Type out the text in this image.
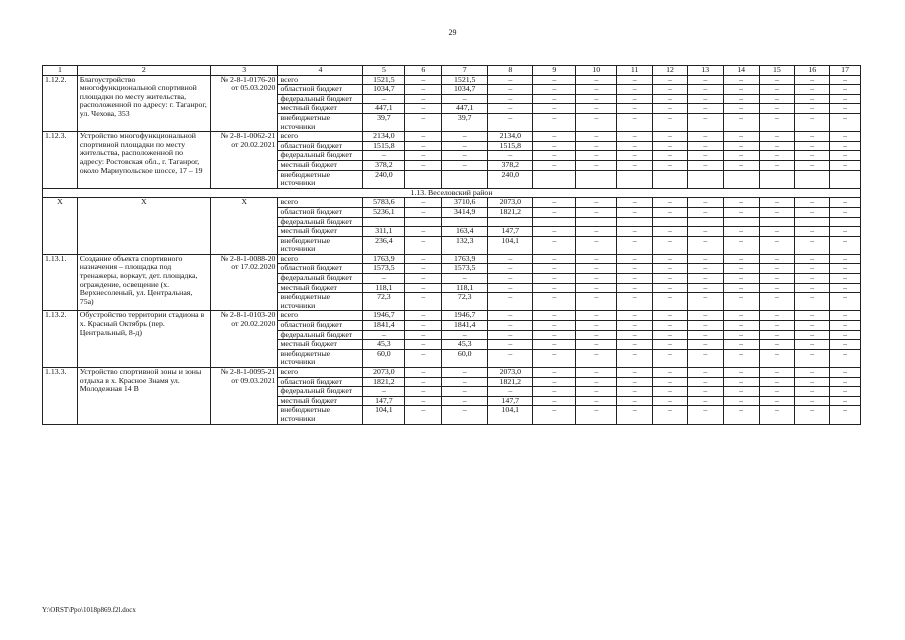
29
1	2	3	4	5	6	7	8	9	10	11	12	13	14	15	16	17
1.12.2.	Благоустройство многофункциональной спортивной площадки по месту жительства, расположенной по адресу: г. Таганрог, ул. Чехова, 353	№ 2-8-1-0176-20 от 05.03.2020	всего	1521,5	–	1521,5	–	–	–	–	–	–	–	–	–	–
			областной бюджет	1034,7	–	1034,7	–	–	–	–	–	–	–	–	–	–
			федеральный бюджет	–	–	–	–	–	–	–	–	–	–	–	–	–
			местный бюджет	447,1	–	447,1	–	–	–	–	–	–	–	–	–	–
			внебюджетные источники	39,7	–	39,7	–	–	–	–	–	–	–	–	–	–
1.12.3.	Устройство многофункциональной спортивной площадки по месту жительства, расположенной по адресу: Ростовская обл., г. Таганрог, около Мариупольское шоссе, 17 – 19	№ 2-8-1-0062-21 от 20.02.2021	всего	2134,0	–	–	2134,0	–	–	–	–	–	–	–	–	–
			областной бюджет	1515,8	–	–	1515,8	–	–	–	–	–	–	–	–	–
			федеральный бюджет	–	–	–	–	–	–	–	–	–	–	–	–	–
			местный бюджет	378,2	–	–	378,2	–	–	–	–	–	–	–	–	–
			внебюджетные источники	240,0			240,0									
1.13. Веселовский район																
Х	Х	Х	всего	5783,6	–	3710,6	2073,0	–	–	–	–	–	–	–	–	–
			областной бюджет	5236,1	–	3414,9	1821,2	–	–	–	–	–	–	–	–	–
			федеральный бюджет													
			местный бюджет	311,1	–	163,4	147,7	–	–	–	–	–	–	–	–	–
			внебюджетные источники	236,4	–	132,3	104,1	–	–	–	–	–	–	–	–	–
1.13.1.	Создание объекта спортивного назначения – площадка под тренажеры, воркаут, дет. площадка, ограждение, освещение (х. Верхнесоленый, ул. Центральная, 75а)	№ 2-8-1-0088-20 от 17.02.2020	всего	1763,9	–	1763,9	–	–	–	–	–	–	–	–	–	–
			областной бюджет	1573,5	–	1573,5	–	–	–	–	–	–	–	–	–	–
			федеральный бюджет	–	–	–	–	–	–	–	–	–	–	–	–	–
			местный бюджет	118,1	–	118,1	–	–	–	–	–	–	–	–	–	–
			внебюджетные источники	72,3	–	72,3	–	–	–	–	–	–	–	–	–	–
1.13.2.	Обустройство территории стадиона в х. Красный Октябрь (пер. Центральный, 8-д)	№ 2-8-1-0103-20 от 20.02.2020	всего	1946,7	–	1946,7	–	–	–	–	–	–	–	–	–	–
			областной бюджет	1841,4	–	1841,4	–	–	–	–	–	–	–	–	–	–
			федеральный бюджет	–	–	–	–	–	–	–	–	–	–	–	–	–
			местный бюджет	45,3	–	45,3	–	–	–	–	–	–	–	–	–	–
			внебюджетные источники	60,0	–	60,0	–	–	–	–	–	–	–	–	–	–
1.13.3.	Устройство спортивной зоны и зоны отдыха в х. Красное Знамя ул. Молодежная 14 В	№ 2-8-1-0095-21 от 09.03.2021	всего	2073,0	–	–	2073,0	–	–	–	–	–	–	–	–	–
			областной бюджет	1821,2	–	–	1821,2	–	–	–	–	–	–	–	–	–
			федеральный бюджет	–	–	–	–	–	–	–	–	–	–	–	–	–
			местный бюджет	147,7	–	–	147,7	–	–	–	–	–	–	–	–	–
			внебюджетные источники	104,1	–	–	104,1	–	–	–	–	–	–	–	–	–
Y:\ORST\Ppo\1018p869.f2l.docx
